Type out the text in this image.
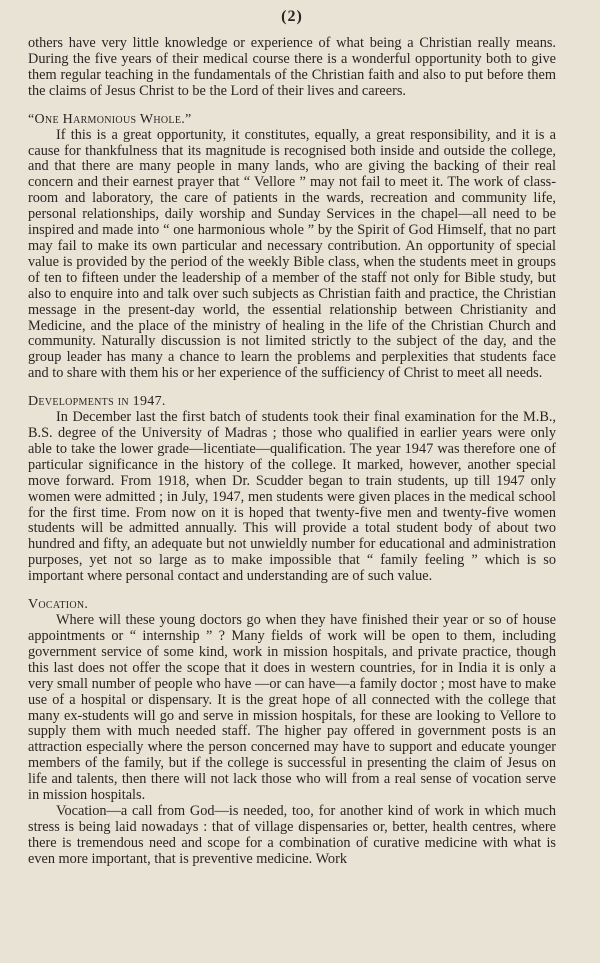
(2)

others have very little knowledge or experience of what being a Christian really means. During the five years of their medical course there is a wonderful opportunity both to give them regular teaching in the fundamentals of the Christian faith and also to put before them the claims of Jesus Christ to be the Lord of their lives and careers.

“One Harmonious Whole.”

If this is a great opportunity, it constitutes, equally, a great responsibility, and it is a cause for thankfulness that its magnitude is recognised both inside and outside the college, and that there are many people in many lands, who are giving the backing of their real concern and their earnest prayer that “ Vellore ” may not fail to meet it. The work of class-room and laboratory, the care of patients in the wards, recreation and community life, personal relationships, daily worship and Sunday Services in the chapel—all need to be inspired and made into “ one harmonious whole ” by the Spirit of God Himself, that no part may fail to make its own particular and necessary contribution. An opportunity of special value is provided by the period of the weekly Bible class, when the students meet in groups of ten to fifteen under the leadership of a member of the staff not only for Bible study, but also to enquire into and talk over such subjects as Christian faith and practice, the Christian message in the present-day world, the essential relationship between Christianity and Medicine, and the place of the ministry of healing in the life of the Christian Church and community. Naturally discussion is not limited strictly to the subject of the day, and the group leader has many a chance to learn the problems and perplexities that students face and to share with them his or her experience of the sufficiency of Christ to meet all needs.

Developments in 1947.

In December last the first batch of students took their final examination for the M.B., B.S. degree of the University of Madras ; those who qualified in earlier years were only able to take the lower grade—licentiate—qualification. The year 1947 was therefore one of particular significance in the history of the college. It marked, however, another special move forward. From 1918, when Dr. Scudder began to train students, up till 1947 only women were admitted ; in July, 1947, men students were given places in the medical school for the first time. From now on it is hoped that twenty-five men and twenty-five women students will be admitted annually. This will provide a total student body of about two hundred and fifty, an adequate but not unwieldly number for educational and administration purposes, yet not so large as to make impossible that “ family feeling ” which is so important where personal contact and understanding are of such value.

Vocation.

Where will these young doctors go when they have finished their year or so of house appointments or “ internship ” ? Many fields of work will be open to them, including government service of some kind, work in mission hospitals, and private practice, though this last does not offer the scope that it does in western countries, for in India it is only a very small number of people who have —or can have—a family doctor ; most have to make use of a hospital or dispensary. It is the great hope of all connected with the college that many ex-students will go and serve in mission hospitals, for these are looking to Vellore to supply them with much needed staff. The higher pay offered in government posts is an attraction especially where the person concerned may have to support and educate younger members of the family, but if the college is successful in presenting the claim of Jesus on life and talents, then there will not lack those who will from a real sense of vocation serve in mission hospitals.

Vocation—a call from God—is needed, too, for another kind of work in which much stress is being laid nowadays : that of village dispensaries or, better, health centres, where there is tremendous need and scope for a combination of curative medicine with what is even more important, that is preventive medicine. Work
